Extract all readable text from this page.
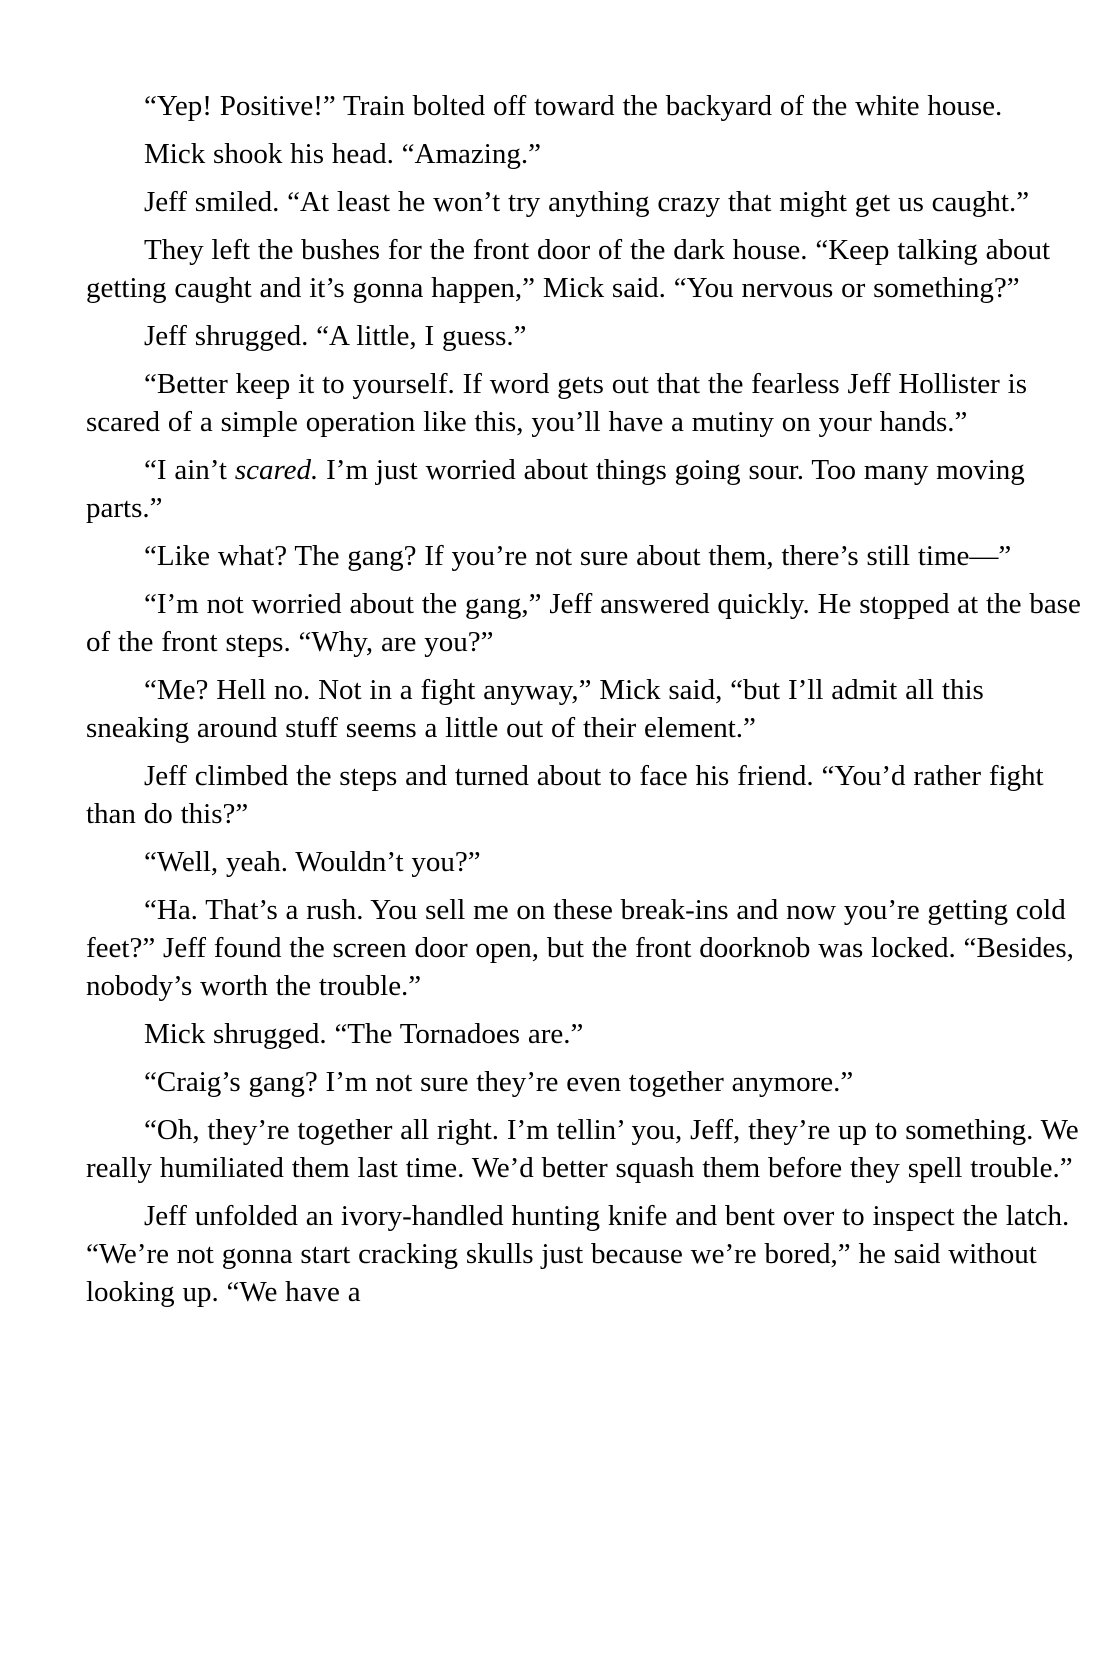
“Yep! Positive!” Train bolted off toward the backyard of the white house.

Mick shook his head. “Amazing.”

Jeff smiled. “At least he won’t try anything crazy that might get us caught.”

They left the bushes for the front door of the dark house. “Keep talking about getting caught and it’s gonna happen,” Mick said. “You nervous or something?”

Jeff shrugged. “A little, I guess.”

“Better keep it to yourself. If word gets out that the fearless Jeff Hollister is scared of a simple operation like this, you’ll have a mutiny on your hands.”

“I ain’t scared. I’m just worried about things going sour. Too many moving parts.”

“Like what? The gang? If you’re not sure about them, there’s still time—”

“I’m not worried about the gang,” Jeff answered quickly. He stopped at the base of the front steps. “Why, are you?”

“Me? Hell no. Not in a fight anyway,” Mick said, “but I’ll admit all this sneaking around stuff seems a little out of their element.”

Jeff climbed the steps and turned about to face his friend. “You’d rather fight than do this?”

“Well, yeah. Wouldn’t you?”

“Ha. That’s a rush. You sell me on these break-ins and now you’re getting cold feet?” Jeff found the screen door open, but the front doorknob was locked. “Besides, nobody’s worth the trouble.”

Mick shrugged. “The Tornadoes are.”

“Craig’s gang? I’m not sure they’re even together anymore.”

“Oh, they’re together all right. I’m tellin’ you, Jeff, they’re up to something. We really humiliated them last time. We’d better squash them before they spell trouble.”

Jeff unfolded an ivory-handled hunting knife and bent over to inspect the latch. “We’re not gonna start cracking skulls just because we’re bored,” he said without looking up. “We have a
